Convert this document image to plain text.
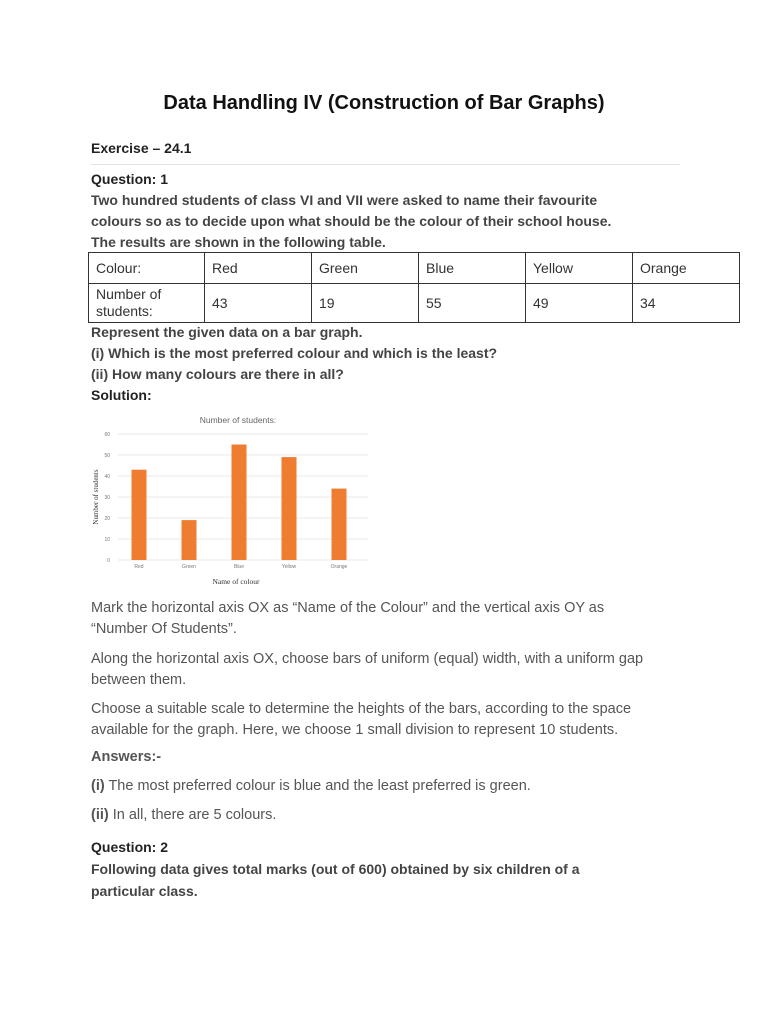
Data Handling IV (Construction of Bar Graphs)
Exercise – 24.1
Question: 1
Two hundred students of class VI and VII were asked to name their favourite
colours so as to decide upon what should be the colour of their school house.
The results are shown in the following table.
Colour:	Red	Green	Blue	Yellow	Orange

Number of
students:	43	19	55	49	34
Represent the given data on a bar graph.
(i) Which is the most preferred colour and which is the least?
(ii) How many colours are there in all?
Solution:
Number of students:
0
10
20
30
40
50
60
Red	Green	Blue	Yellow	Orange
Name of colour
Number of students
Mark the horizontal axis OX as “Name of the Colour” and the vertical axis OY as
“Number Of Students”.
Along the horizontal axis OX, choose bars of uniform (equal) width, with a uniform gap
between them.
Choose a suitable scale to determine the heights of the bars, according to the space
available for the graph. Here, we choose 1 small division to represent 10 students.
Answers:-
(i) The most preferred colour is blue and the least preferred is green.
(ii) In all, there are 5 colours.
Question: 2
Following data gives total marks (out of 600) obtained by six children of a
particular class.
